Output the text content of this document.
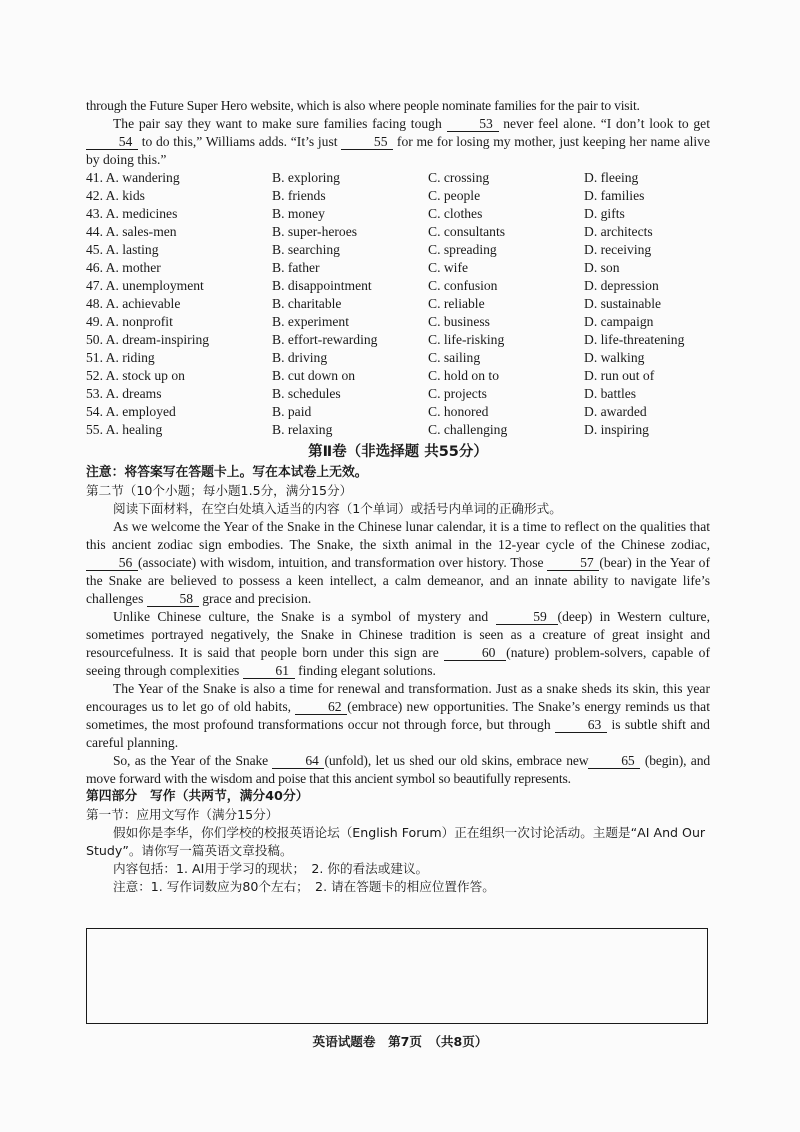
through the Future Super Hero website, which is also where people nominate families for the pair to visit.

The pair say they want to make sure families facing tough	53 never feel alone. “I don’t look to get 54 to do this,” Williams adds. “It’s just	55 for me for losing my mother, just keeping her name alive by doing this.”

41. A. wandering	B. exploring	C. crossing	D. fleeing
42. A. kids	B. friends	C. people	D. families
43. A. medicines	B. money	C. clothes	D. gifts
44. A. sales-men	B. super-heroes	C. consultants	D. architects
45. A. lasting	B. searching	C. spreading	D. receiving
46. A. mother	B. father	C. wife	D. son
47. A. unemployment	B. disappointment	C. confusion	D. depression
48. A. achievable	B. charitable	C. reliable	D. sustainable
49. A. nonprofit	B. experiment	C. business	D. campaign
50. A. dream-inspiring	B. effort-rewarding	C. life-risking	D. life-threatening
51. A. riding	B. driving	C. sailing	D. walking
52. A. stock up on	B. cut down on	C. hold on to	D. run out of
53. A. dreams	B. schedules	C. projects	D. battles
54. A. employed	B. paid	C. honored	D. awarded
55. A. healing	B. relaxing	C. challenging	D. inspiring

第Ⅱ卷（非选择题 共55分）

注意：将答案写在答题卡上。写在本试卷上无效。

第二节（10个小题；每小题1.5分，满分15分）

阅读下面材料，在空白处填入适当的内容（1个单词）或括号内单词的正确形式。

As we welcome the Year of the Snake in the Chinese lunar calendar, it is a time to reflect on the qualities that this ancient zodiac sign embodies. The Snake, the sixth animal in the 12-year cycle of the Chinese zodiac, 56 (associate) with wisdom, intuition, and transformation over history. Those	57 (bear) in the Year of the Snake are believed to possess a keen intellect, a calm demeanor, and an innate ability to navigate life’s challenges	58 grace and precision.

Unlike Chinese culture, the Snake is a symbol of mystery and	59 (deep) in Western culture, sometimes portrayed negatively, the Snake in Chinese tradition is seen as a creature of great insight and resourcefulness. It is said that people born under this sign are	60 (nature) problem-solvers, capable of seeing through complexities	61 finding elegant solutions.

The Year of the Snake is also a time for renewal and transformation. Just as a snake sheds its skin, this year encourages us to let go of old habits,	62 (embrace) new opportunities. The Snake’s energy reminds us that sometimes, the most profound transformations occur not through force, but through	63 is subtle shift and careful planning.

So, as the Year of the Snake	64 (unfold), let us shed our old skins, embrace new 65 (begin), and move forward with the wisdom and poise that this ancient symbol so beautifully represents.

第四部分　写作（共两节，满分40分）

第一节：应用文写作（满分15分）

假如你是李华，你们学校的校报英语论坛（English Forum）正在组织一次讨论活动。主题是“AI And Our Study”。请你写一篇英语文章投稿。

内容包括：1. AI用于学习的现状；　2. 你的看法或建议。

注意：1. 写作词数应为80个左右；　2. 请在答题卡的相应位置作答。

英语试题卷　第7页　（共8页）
